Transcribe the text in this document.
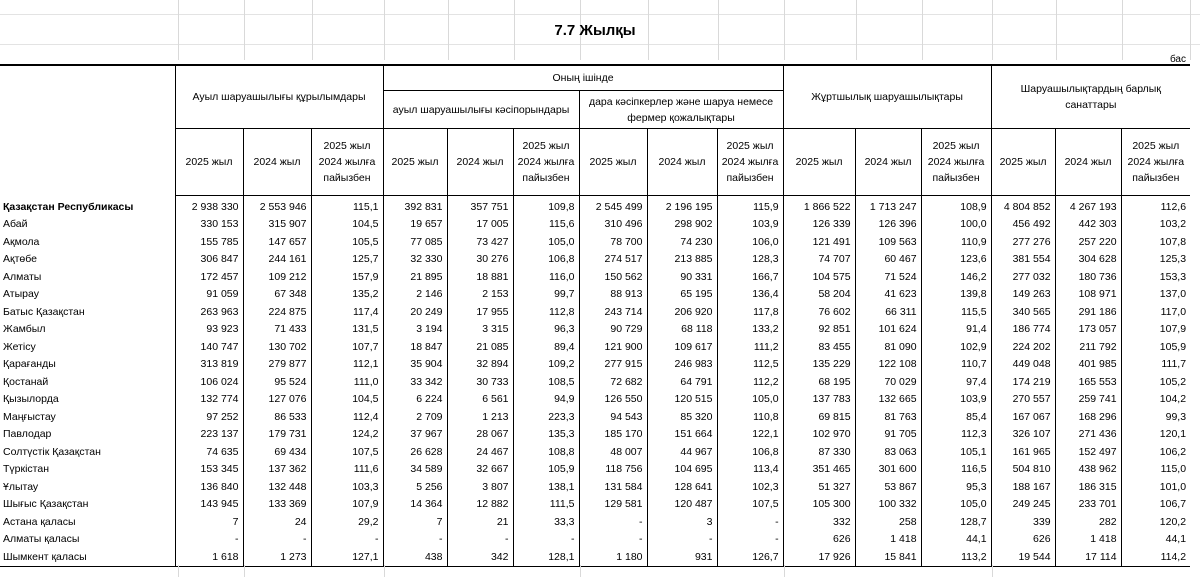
7.7 Жылқы
бас
	Ауыл шаруашылығы құрылымдары			Оның ішінде						Жұртшылық шаруашылықтары			Шаруашылықтардың барлық санаттары		
				ауыл шаруашылығы кәсіпорындары			дара кәсіпкерлер және шаруа немесе фермер қожалықтары								
	2025 жыл	2024 жыл	2025 жыл 2024 жылға пайызбен	2025 жыл	2024 жыл	2025 жыл 2024 жылға пайызбен	2025 жыл	2024 жыл	2025 жыл 2024 жылға пайызбен	2025 жыл	2024 жыл	2025 жыл 2024 жылға пайызбен	2025 жыл	2024 жыл	2025 жыл 2024 жылға пайызбен
Қазақстан Республикасы	2 938 330	2 553 946	115,1	392 831	357 751	109,8	2 545 499	2 196 195	115,9	1 866 522	1 713 247	108,9	4 804 852	4 267 193	112,6
Абай	330 153	315 907	104,5	19 657	17 005	115,6	310 496	298 902	103,9	126 339	126 396	100,0	456 492	442 303	103,2
Ақмола	155 785	147 657	105,5	77 085	73 427	105,0	78 700	74 230	106,0	121 491	109 563	110,9	277 276	257 220	107,8
Ақтөбе	306 847	244 161	125,7	32 330	30 276	106,8	274 517	213 885	128,3	74 707	60 467	123,6	381 554	304 628	125,3
Алматы	172 457	109 212	157,9	21 895	18 881	116,0	150 562	90 331	166,7	104 575	71 524	146,2	277 032	180 736	153,3
Атырау	91 059	67 348	135,2	2 146	2 153	99,7	88 913	65 195	136,4	58 204	41 623	139,8	149 263	108 971	137,0
Батыс Қазақстан	263 963	224 875	117,4	20 249	17 955	112,8	243 714	206 920	117,8	76 602	66 311	115,5	340 565	291 186	117,0
Жамбыл	93 923	71 433	131,5	3 194	3 315	96,3	90 729	68 118	133,2	92 851	101 624	91,4	186 774	173 057	107,9
Жетісу	140 747	130 702	107,7	18 847	21 085	89,4	121 900	109 617	111,2	83 455	81 090	102,9	224 202	211 792	105,9
Қарағанды	313 819	279 877	112,1	35 904	32 894	109,2	277 915	246 983	112,5	135 229	122 108	110,7	449 048	401 985	111,7
Қостанай	106 024	95 524	111,0	33 342	30 733	108,5	72 682	64 791	112,2	68 195	70 029	97,4	174 219	165 553	105,2
Қызылорда	132 774	127 076	104,5	6 224	6 561	94,9	126 550	120 515	105,0	137 783	132 665	103,9	270 557	259 741	104,2
Маңғыстау	97 252	86 533	112,4	2 709	1 213	223,3	94 543	85 320	110,8	69 815	81 763	85,4	167 067	168 296	99,3
Павлодар	223 137	179 731	124,2	37 967	28 067	135,3	185 170	151 664	122,1	102 970	91 705	112,3	326 107	271 436	120,1
Солтүстік Қазақстан	74 635	69 434	107,5	26 628	24 467	108,8	48 007	44 967	106,8	87 330	83 063	105,1	161 965	152 497	106,2
Түркістан	153 345	137 362	111,6	34 589	32 667	105,9	118 756	104 695	113,4	351 465	301 600	116,5	504 810	438 962	115,0
Ұлытау	136 840	132 448	103,3	5 256	3 807	138,1	131 584	128 641	102,3	51 327	53 867	95,3	188 167	186 315	101,0
Шығыс Қазақстан	143 945	133 369	107,9	14 364	12 882	111,5	129 581	120 487	107,5	105 300	100 332	105,0	249 245	233 701	106,7
Астана қаласы	7	24	29,2	7	21	33,3	-	3	-	332	258	128,7	339	282	120,2
Алматы қаласы	-	-	-	-	-	-	-	-	-	626	1 418	44,1	626	1 418	44,1
Шымкент қаласы	1 618	1 273	127,1	438	342	128,1	1 180	931	126,7	17 926	15 841	113,2	19 544	17 114	114,2
